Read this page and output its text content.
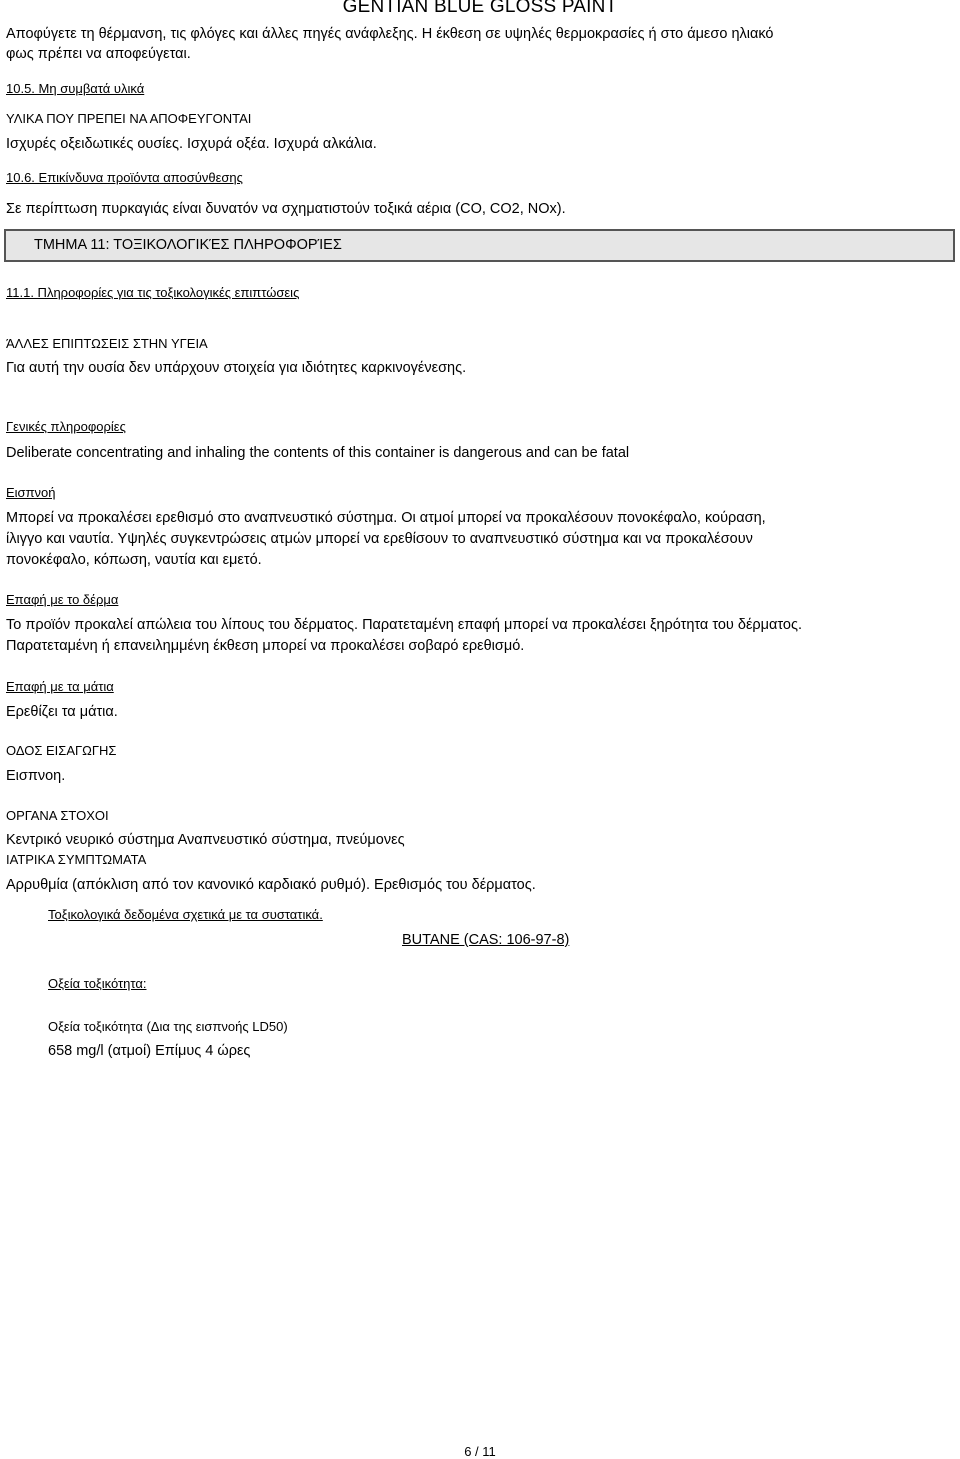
GENTIAN BLUE GLOSS PAINT
Αποφύγετε τη θέρμανση, τις φλόγες και άλλες πηγές ανάφλεξης. Η έκθεση σε υψηλές θερμοκρασίες ή στο άμεσο ηλιακό
φως πρέπει να αποφεύγεται.
10.5. Μη συμβατά υλικά
ΥΛΙΚΑ ΠΟΥ ΠΡΕΠΕΙ ΝΑ ΑΠΟΦΕΥΓΟΝΤΑΙ
Ισχυρές οξειδωτικές ουσίες. Ισχυρά οξέα. Ισχυρά αλκάλια.
10.6. Επικίνδυνα προϊόντα αποσύνθεσης
Σε περίπτωση πυρκαγιάς είναι δυνατόν να σχηματιστούν τοξικά αέρια (CO, CO2, NOx).
ΤΜΗΜΑ 11: ΤΟΞΙΚΟΛΟΓΙΚΈΣ ΠΛΗΡΟΦΟΡΊΕΣ
11.1. Πληροφορίες για τις τοξικολογικές επιπτώσεις
ΆΛΛΕΣ ΕΠΙΠΤΩΣΕΙΣ ΣΤΗΝ ΥΓΕΙΑ
Για αυτή την ουσία δεν υπάρχουν στοιχεία για ιδιότητες καρκινογένεσης.
Γενικές πληροφορίες
Deliberate concentrating and inhaling the contents of this container is dangerous and can be fatal
Εισπνοή
Μπορεί να προκαλέσει ερεθισμό στο αναπνευστικό σύστημα. Οι ατμοί μπορεί να προκαλέσουν πονοκέφαλο, κούραση,
ίλιγγο και ναυτία. Υψηλές συγκεντρώσεις ατμών μπορεί να ερεθίσουν το αναπνευστικό σύστημα και να προκαλέσουν
πονοκέφαλο, κόπωση, ναυτία και εμετό.
Επαφή με το δέρμα
Το προϊόν προκαλεί απώλεια του λίπους του δέρματος. Παρατεταμένη επαφή μπορεί να προκαλέσει ξηρότητα του δέρματος.
Παρατεταμένη ή επανειλημμένη έκθεση μπορεί να προκαλέσει σοβαρό ερεθισμό.
Επαφή με τα μάτια
Ερεθίζει τα μάτια.
ΟΔΟΣ ΕΙΣΑΓΩΓΗΣ
Εισπνοη.
ΟΡΓΑΝΑ ΣΤΟΧΟΙ
Κεντρικό νευρικό σύστημα Αναπνευστικό σύστημα, πνεύμονες
ΙΑΤΡΙΚΑ ΣΥΜΠΤΩΜΑΤΑ
Αρρυθμία (απόκλιση από τον κανονικό καρδιακό ρυθμό). Ερεθισμός του δέρματος.
Τοξικολογικά δεδομένα σχετικά με τα συστατικά.
BUTANE (CAS: 106-97-8)
Οξεία τοξικότητα:
Οξεία τοξικότητα (Δια της εισπνοής LD50)
658 mg/l (ατμοί) Επίμυς 4 ώρες
6 / 11
